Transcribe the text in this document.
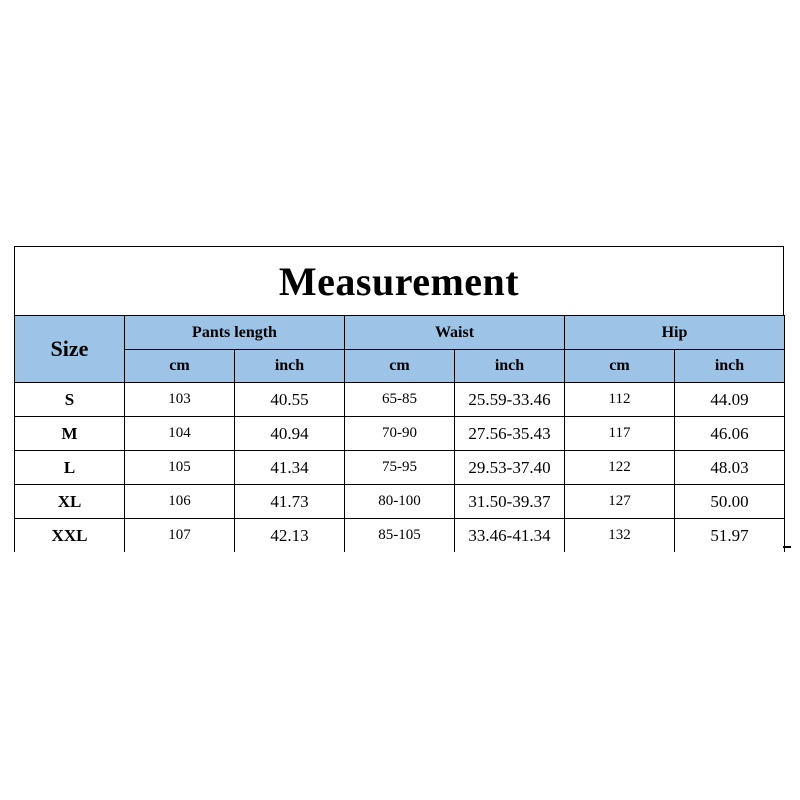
Measurement
Size	Pants length		Waist		Hip	
	cm	inch	cm	inch	cm	inch
S	103	40.55	65-85	25.59-33.46	112	44.09
M	104	40.94	70-90	27.56-35.43	117	46.06
L	105	41.34	75-95	29.53-37.40	122	48.03
XL	106	41.73	80-100	31.50-39.37	127	50.00
XXL	107	42.13	85-105	33.46-41.34	132	51.97
